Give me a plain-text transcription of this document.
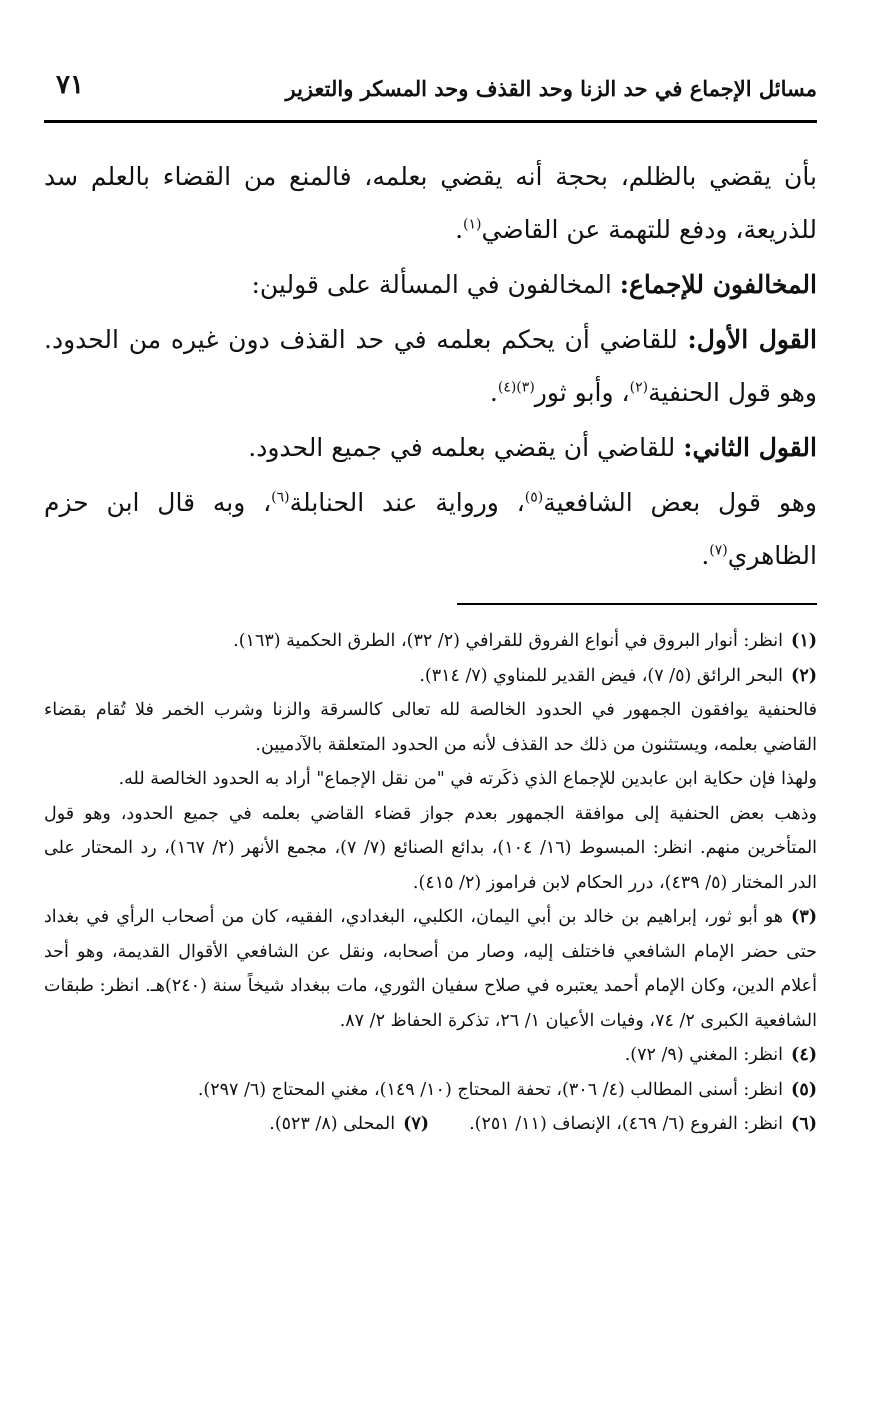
مسائل الإجماع في حد الزنا وحد القذف وحد المسكر والتعزير
٧١

بأن يقضي بالظلم، بحجة أنه يقضي بعلمه، فالمنع من القضاء بالعلم سد للذريعة، ودفع للتهمة عن القاضي$^{(١)}$.

المخالفون للإجماع: المخالفون في المسألة على قولين:

القول الأول: للقاضي أن يحكم بعلمه في حد القذف دون غيره من الحدود. وهو قول الحنفية$^{(٢)}$، وأبو ثور$^{(٣)(٤)}$.

القول الثاني: للقاضي أن يقضي بعلمه في جميع الحدود.

وهو قول بعض الشافعية$^{(٥)}$، ورواية عند الحنابلة$^{(٦)}$، وبه قال ابن حزم الظاهري$^{(٧)}$.

(١)انظر: أنوار البروق في أنواع الفروق للقرافي (٢/ ٣٢)، الطرق الحكمية (١٦٣).
(٢)البحر الرائق (٥/ ٧)، فيض القدير للمناوي (٧/ ٣١٤).
فالحنفية يوافقون الجمهور في الحدود الخالصة لله تعالى كالسرقة والزنا وشرب الخمر فلا تُقام بقضاء القاضي بعلمه، ويستثنون من ذلك حد القذف لأنه من الحدود المتعلقة بالآدميين.
ولهذا فإن حكاية ابن عابدين للإجماع الذي ذكَرته في "من نقل الإجماع" أراد به الحدود الخالصة لله.
وذهب بعض الحنفية إلى موافقة الجمهور بعدم جواز قضاء القاضي بعلمه في جميع الحدود، وهو قول المتأخرين منهم. انظر: المبسوط (١٦/ ١٠٤)، بدائع الصنائع (٧/ ٧)، مجمع الأنهر (٢/ ١٦٧)، رد المحتار على الدر المختار (٥/ ٤٣٩)، درر الحكام لابن فراموز (٢/ ٤١٥).
(٣)هو أبو ثور، إبراهيم بن خالد بن أبي اليمان، الكلبي، البغدادي، الفقيه، كان من أصحاب الرأي في بغداد حتى حضر الإمام الشافعي فاختلف إليه، وصار من أصحابه، ونقل عن الشافعي الأقوال القديمة، وهو أحد أعلام الدين، وكان الإمام أحمد يعتبره في صلاح سفيان الثوري، مات ببغداد شيخاً سنة (٢٤٠)هـ. انظر: طبقات الشافعية الكبرى ٢/ ٧٤، وفيات الأعيان ١/ ٢٦، تذكرة الحفاظ ٢/ ٨٧.
(٤)انظر: المغني (٩/ ٧٢).
(٥)انظر: أسنى المطالب (٤/ ٣٠٦)، تحفة المحتاج (١٠/ ١٤٩)، مغني المحتاج (٦/ ٢٩٧).
(٦)انظر: الفروع (٦/ ٤٦٩)، الإنصاف (١١/ ٢٥١).
(٧)المحلى (٨/ ٥٢٣).
